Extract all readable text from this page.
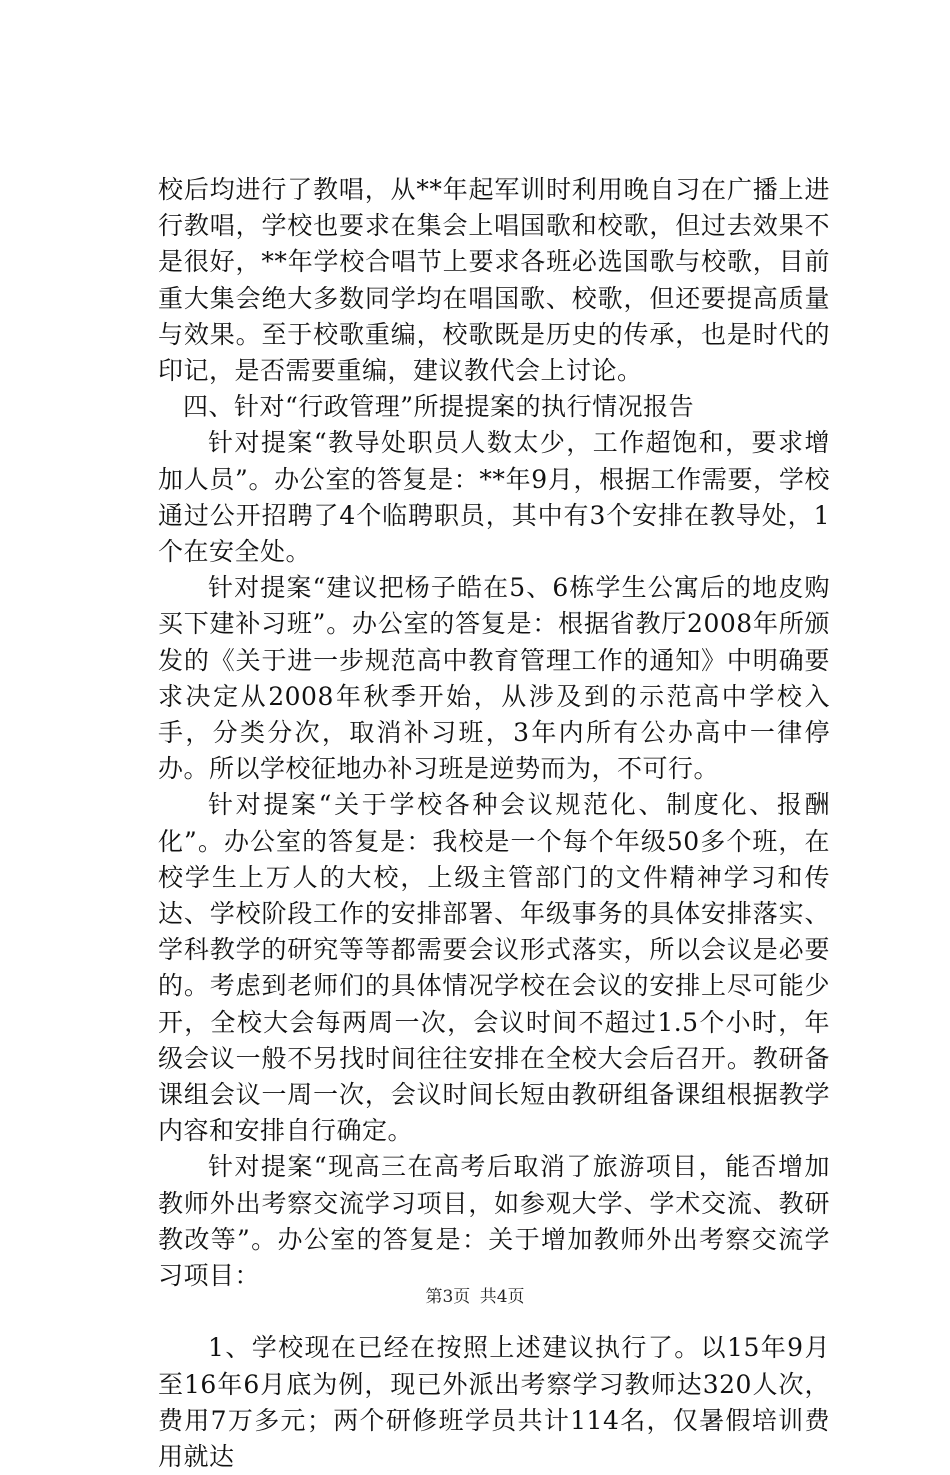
校后均进行了教唱，从**年起军训时利用晚自习在广播上进行教唱，学校也要求在集会上唱国歌和校歌，但过去效果不是很好，**年学校合唱节上要求各班必选国歌与校歌，目前重大集会绝大多数同学均在唱国歌、校歌，但还要提高质量与效果。至于校歌重编，校歌既是历史的传承，也是时代的印记，是否需要重编，建议教代会上讨论。

四、针对“行政管理”所提提案的执行情况报告

针对提案“教导处职员人数太少，工作超饱和，要求增加人员”。办公室的答复是：**年9月，根据工作需要，学校通过公开招聘了4个临聘职员，其中有3个安排在教导处，1个在安全处。

针对提案“建议把杨子皓在5、6栋学生公寓后的地皮购买下建补习班”。办公室的答复是：根据省教厅2008年所颁发的《关于进一步规范高中教育管理工作的通知》中明确要求决定从2008年秋季开始，从涉及到的示范高中学校入手，分类分次，取消补习班，3年内所有公办高中一律停办。所以学校征地办补习班是逆势而为，不可行。

针对提案“关于学校各种会议规范化、制度化、报酬化”。办公室的答复是：我校是一个每个年级50多个班，在校学生上万人的大校，上级主管部门的文件精神学习和传达、学校阶段工作的安排部署、年级事务的具体安排落实、学科教学的研究等等都需要会议形式落实，所以会议是必要的。考虑到老师们的具体情况学校在会议的安排上尽可能少开，全校大会每两周一次，会议时间不超过1.5个小时，年级会议一般不另找时间往往安排在全校大会后召开。教研备课组会议一周一次，会议时间长短由教研组备课组根据教学内容和安排自行确定。

针对提案“现高三在高考后取消了旅游项目，能否增加教师外出考察交流学习项目，如参观大学、学术交流、教研教改等”。办公室的答复是：关于增加教师外出考察交流学习项目：

1、学校现在已经在按照上述建议执行了。以15年9月至16年6月底为例，现已外派出考察学习教师达320人次，费用7万多元；两个研修班学员共计114名，仅暑假培训费用就达

第3页 共4页
